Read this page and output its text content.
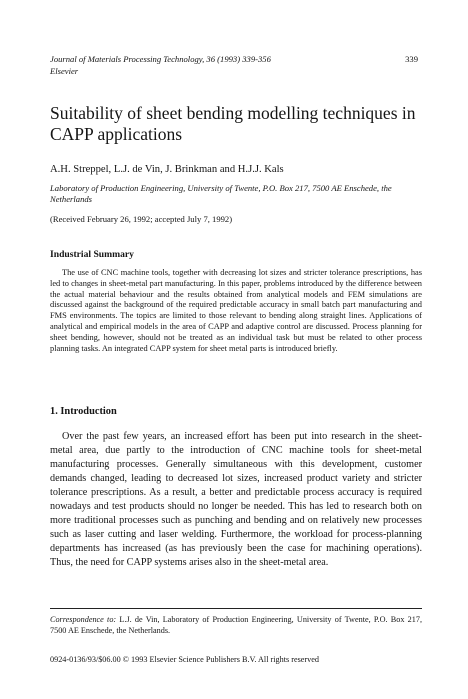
Journal of Materials Processing Technology, 36 (1993) 339-356
Elsevier
339
Suitability of sheet bending modelling techniques in CAPP applications
A.H. Streppel, L.J. de Vin, J. Brinkman and H.J.J. Kals
Laboratory of Production Engineering, University of Twente, P.O. Box 217, 7500 AE Enschede, the Netherlands
(Received February 26, 1992; accepted July 7, 1992)
Industrial Summary

The use of CNC machine tools, together with decreasing lot sizes and stricter tolerance prescriptions, has led to changes in sheet-metal part manufacturing. In this paper, problems introduced by the difference between the actual material behaviour and the results obtained from analytical models and FEM simulations are discussed against the background of the required predictable accuracy in small batch part manufacturing and FMS environments. The topics are limited to those relevant to bending along straight lines. Applications of analytical and empirical models in the area of CAPP and adaptive control are discussed. Process planning for sheet bending, however, should not be treated as an individual task but must be related to other process planning tasks. An integrated CAPP system for sheet metal parts is introduced briefly.

1. Introduction

Over the past few years, an increased effort has been put into research in the sheet-metal area, due partly to the introduction of CNC machine tools for sheet-metal manufacturing processes. Generally simultaneous with this development, customer demands changed, leading to decreased lot sizes, increased product variety and stricter tolerance prescriptions. As a result, a better and predictable process accuracy is required nowadays and test products should no longer be needed. This has led to research both on more traditional processes such as punching and bending and on relatively new processes such as laser cutting and laser welding. Furthermore, the workload for process-planning departments has increased (as has previously been the case for machining operations). Thus, the need for CAPP systems arises also in the sheet-metal area.

Correspondence to: L.J. de Vin, Laboratory of Production Engineering, University of Twente, P.O. Box 217, 7500 AE Enschede, the Netherlands.

0924-0136/93/$06.00 © 1993 Elsevier Science Publishers B.V. All rights reserved
